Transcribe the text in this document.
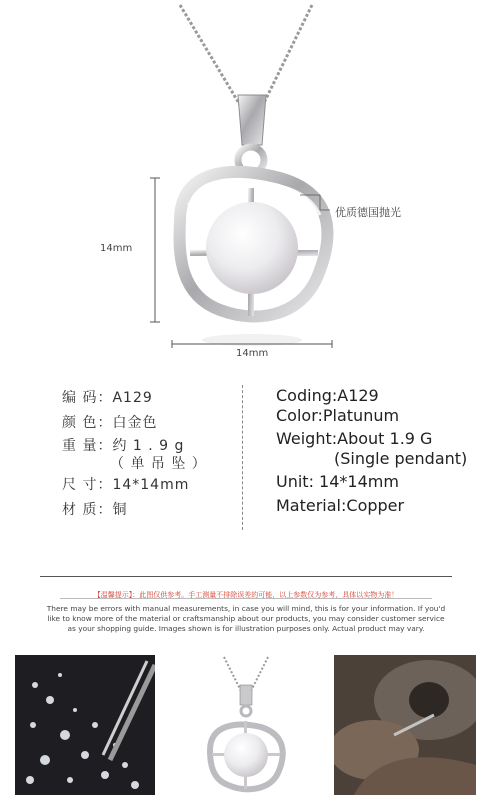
14mm
14mm
优质德国抛光
编 码：A129
颜 色：白金色
重 量：约 1 . 9 g
（ 单 吊 坠 ）
尺 寸：14*14mm
材 质：铜
Coding:A129
Color:Platunum
Weight:About 1.9 G
(Single pendant)
Unit: 14*14mm
Material:Copper
【温馨提示】：此图仅供参考。手工测量不排除误差的可能，以上参数仅为参考，具体以实物为准！
There may be errors with manual measurements, in case you will mind, this is for your information. If you'd
like to know more of the material or craftsmanship about our products, you may consider customer service
as your shopping guide. Images shown is for illustration purposes only. Actual product may vary.
